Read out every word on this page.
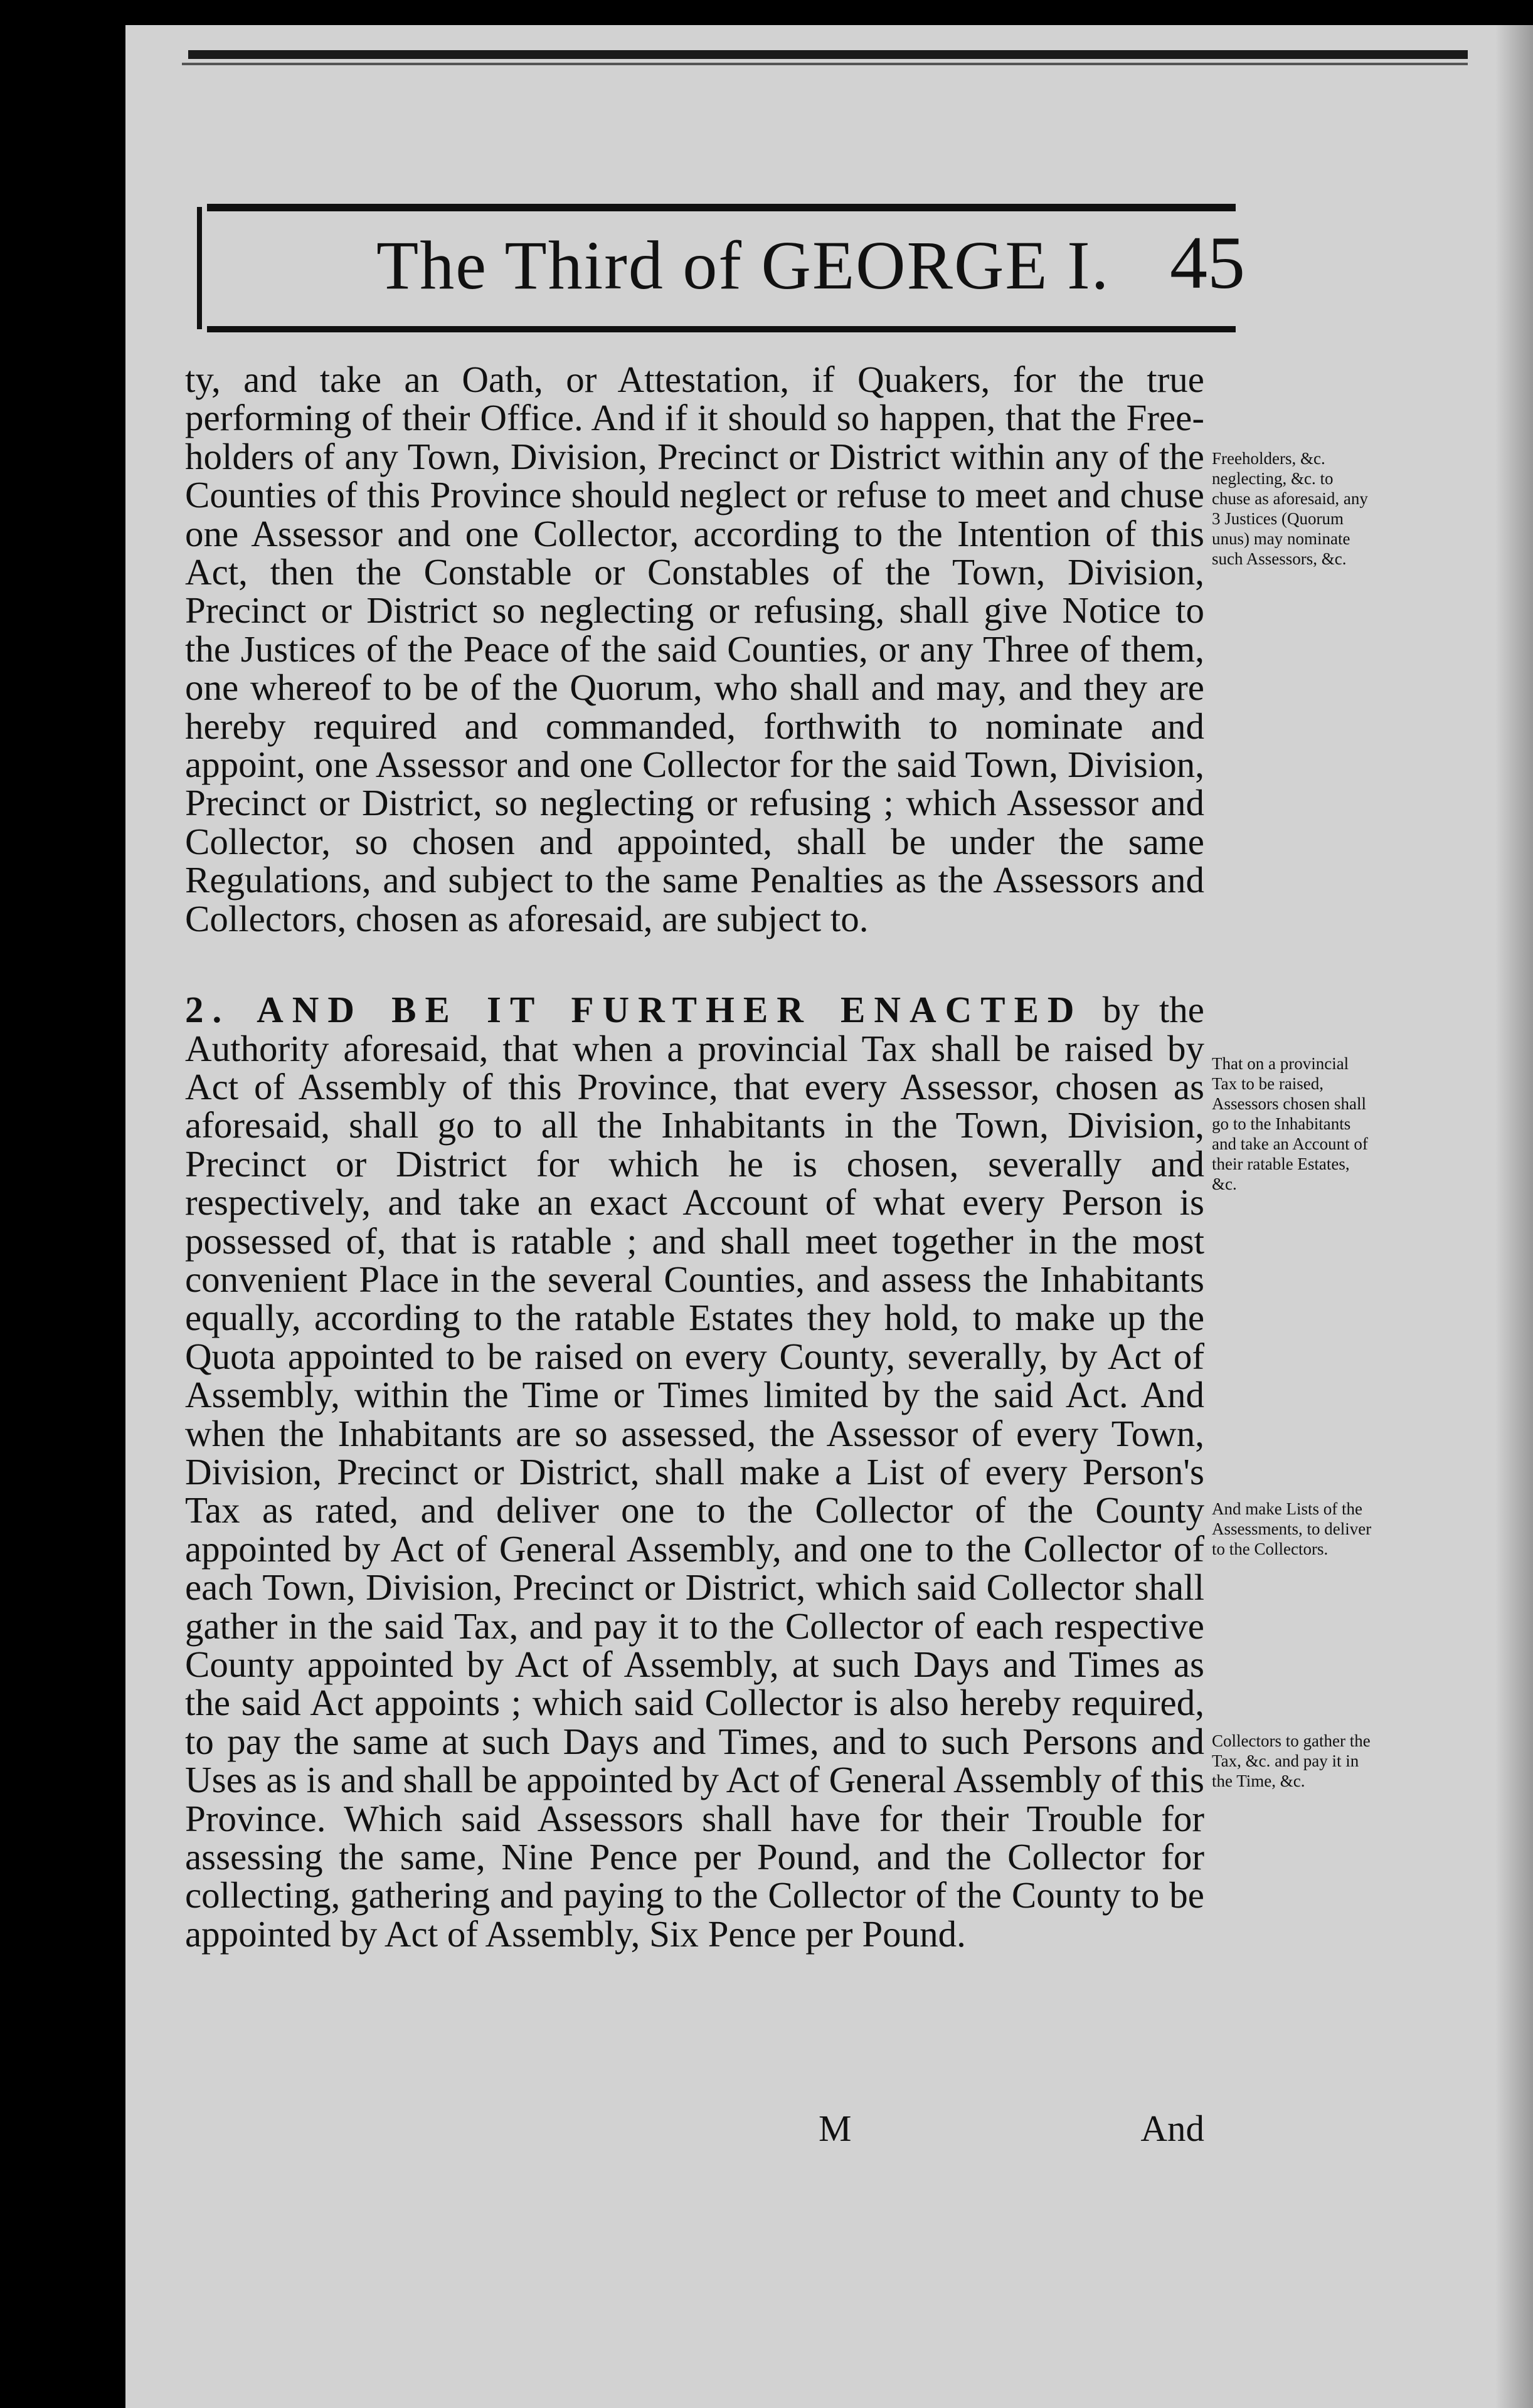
The Third of GEORGE I. 45

ty, and take an Oath, or Attestation, if Quakers, for the true performing of their Office. And if it should so happen, that the Free-holders of any Town, Division, Precinct or District within any of the Counties of this Province should neglect or refuse to meet and chuse one Assessor and one Collector, according to the Intention of this Act, then the Constable or Constables of the Town, Division, Precinct or District so neglecting or refusing, shall give Notice to the Justices of the Peace of the said Counties, or any Three of them, one whereof to be of the Quorum, who shall and may, and they are hereby required and commanded, forthwith to nominate and appoint, one Assessor and one Collector for the said Town, Division, Precinct or District, so neglecting or refusing ; which Assessor and Collector, so chosen and appointed, shall be under the same Regulations, and subject to the same Penalties as the Assessors and Collectors, chosen as aforesaid, are subject to.

2. AND BE IT FURTHER ENACTED by the Authority aforesaid, that when a provincial Tax shall be raised by Act of Assembly of this Province, that every Assessor, chosen as aforesaid, shall go to all the Inhabitants in the Town, Division, Precinct or District for which he is chosen, severally and respectively, and take an exact Account of what every Person is possessed of, that is ratable ; and shall meet together in the most convenient Place in the several Counties, and assess the Inhabitants equally, according to the ratable Estates they hold, to make up the Quota appointed to be raised on every County, severally, by Act of Assembly, within the Time or Times limited by the said Act. And when the Inhabitants are so assessed, the Assessor of every Town, Division, Precinct or District, shall make a List of every Person's Tax as rated, and deliver one to the Collector of the County appointed by Act of General Assembly, and one to the Collector of each Town, Division, Precinct or District, which said Collector shall gather in the said Tax, and pay it to the Collector of each respective County appointed by Act of Assembly, at such Days and Times as the said Act appoints ; which said Collector is also hereby required, to pay the same at such Days and Times, and to such Persons and Uses as is and shall be appointed by Act of General Assembly of this Province. Which said Assessors shall have for their Trouble for assessing the same, Nine Pence per Pound, and the Collector for collecting, gathering and paying to the Collector of the County to be appointed by Act of Assembly, Six Pence per Pound.

M	And
Freeholders, &c. neglecting, &c. to chuse as aforesaid, any 3 Justices (Quorum unus) may nominate such Assessors, &c.
That on a provincial Tax to be raised, Assessors chosen shall go to the Inhabitants and take an Account of their ratable Estates, &c.
And make Lists of the Assessments, to deliver to the Collectors.
Collectors to gather the Tax, &c. and pay it in the Time, &c.
